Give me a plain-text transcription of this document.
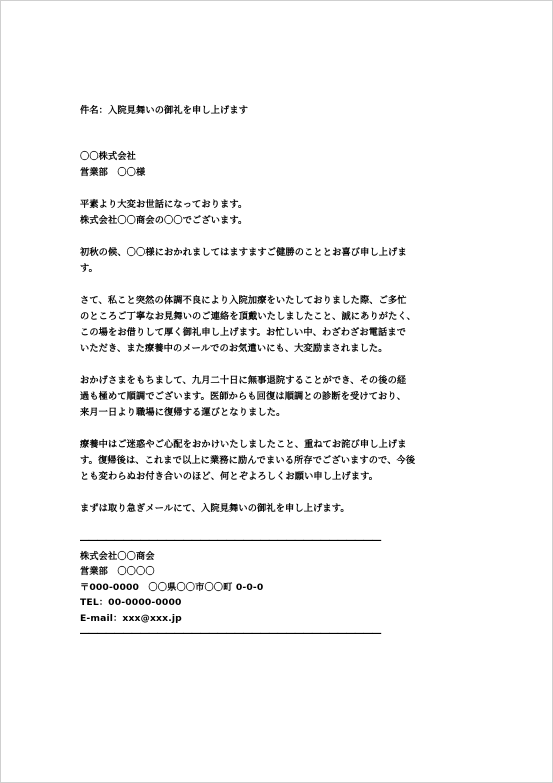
件名：入院見舞いの御礼を申し上げます
〇〇株式会社
営業部　〇〇様
平素より大変お世話になっております。
株式会社〇〇商会の〇〇でございます。
初秋の候、〇〇様におかれましてはますますご健勝のこととお喜び申し上げま
す。
さて、私こと突然の体調不良により入院加療をいたしておりました際、ご多忙
のところご丁寧なお見舞いのご連絡を頂戴いたしましたこと、誠にありがたく、
この場をお借りして厚く御礼申し上げます。お忙しい中、わざわざお電話まで
いただき、また療養中のメールでのお気遣いにも、大変励まされました。
おかげさまをもちまして、九月二十日に無事退院することができ、その後の経
過も極めて順調でございます。医師からも回復は順調との診断を受けており、
来月一日より職場に復帰する運びとなりました。
療養中はご迷惑やご心配をおかけいたしましたこと、重ねてお詫び申し上げま
す。復帰後は、これまで以上に業務に励んでまいる所存でございますので、今後
とも変わらぬお付き合いのほど、何とぞよろしくお願い申し上げます。
まずは取り急ぎメールにて、入院見舞いの御礼を申し上げます。
―――――――――――――――――――――――――――――――――――
株式会社〇〇商会
営業部　〇〇〇〇
〒000-0000　〇〇県〇〇市〇〇町 0-0-0
TEL：00-0000-0000
E-mail：xxx@xxx.jp
―――――――――――――――――――――――――――――――――――
